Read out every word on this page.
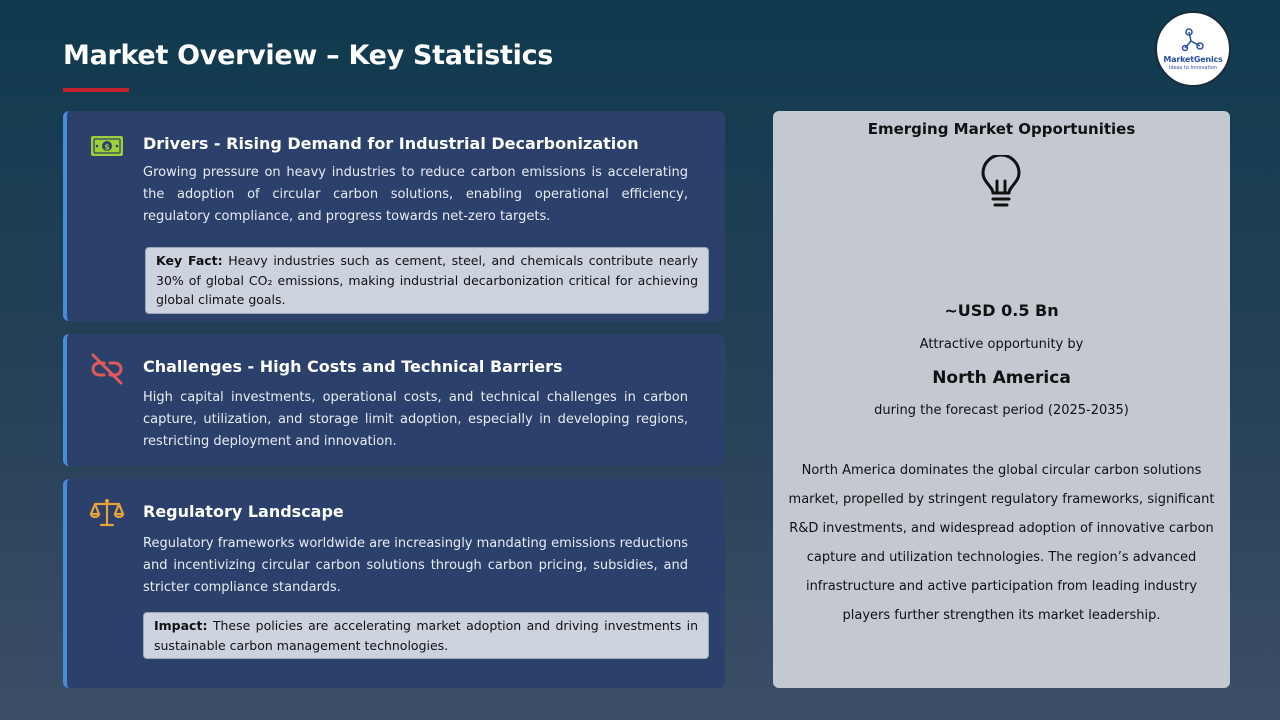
Market Overview – Key Statistics	MarketGenics
Ideas to Innovation
$ Drivers - Rising Demand for Industrial Decarbonization
Growing pressure on heavy industries to reduce carbon emissions is accelerating the adoption of circular carbon solutions, enabling operational efficiency, regulatory compliance, and progress towards net-zero targets.
Key Fact: Heavy industries such as cement, steel, and chemicals contribute nearly 30% of global CO₂ emissions, making industrial decarbonization critical for achieving global climate goals.
Challenges - High Costs and Technical Barriers
High capital investments, operational costs, and technical challenges in carbon capture, utilization, and storage limit adoption, especially in developing regions, restricting deployment and innovation.
Regulatory Landscape
Regulatory frameworks worldwide are increasingly mandating emissions reductions and incentivizing circular carbon solutions through carbon pricing, subsidies, and stricter compliance standards.
Impact: These policies are accelerating market adoption and driving investments in sustainable carbon management technologies.
Emerging Market Opportunities
~USD 0.5 Bn
Attractive opportunity by
North America
during the forecast period (2025-2035)
North America dominates the global circular carbon solutions market, propelled by stringent regulatory frameworks, significant R&D investments, and widespread adoption of innovative carbon capture and utilization technologies. The region’s advanced infrastructure and active participation from leading industry players further strengthen its market leadership.
